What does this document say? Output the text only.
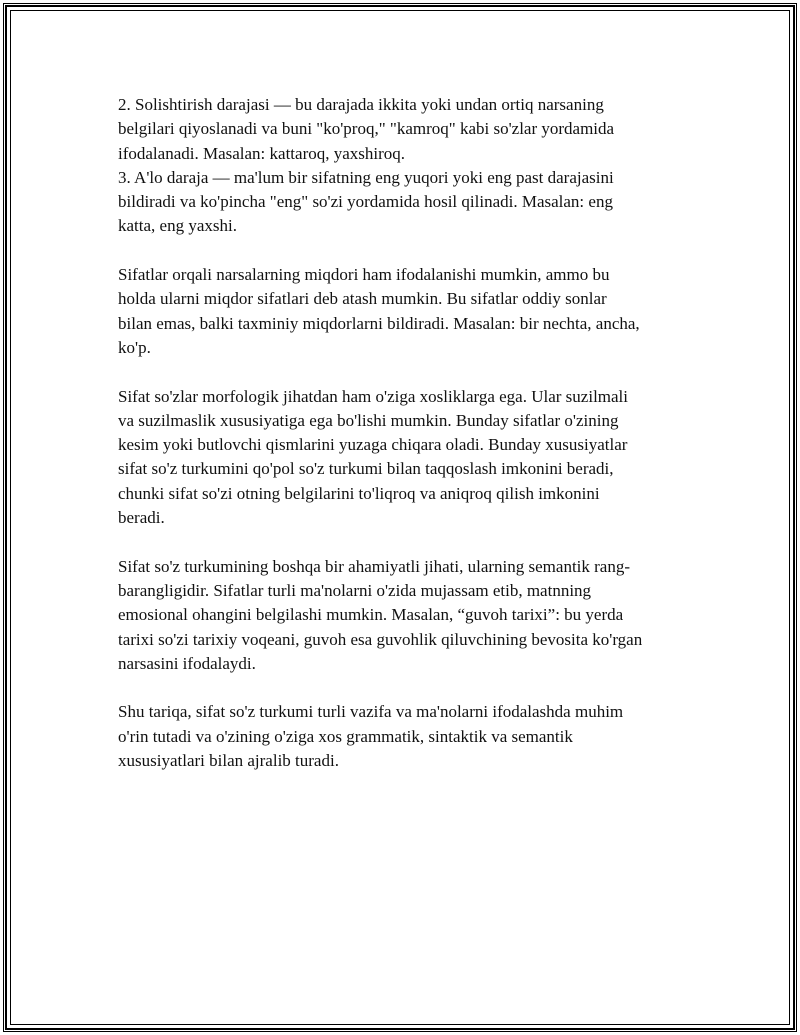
2. Solishtirish darajasi — bu darajada ikkita yoki undan ortiq narsaning
belgilari qiyoslanadi va buni "ko'proq," "kamroq" kabi so'zlar yordamida
ifodalanadi. Masalan: kattaroq, yaxshiroq.

3. A'lo daraja — ma'lum bir sifatning eng yuqori yoki eng past darajasini
bildiradi va ko'pincha "eng" so'zi yordamida hosil qilinadi. Masalan: eng
katta, eng yaxshi.

Sifatlar orqali narsalarning miqdori ham ifodalanishi mumkin, ammo bu
holda ularni miqdor sifatlari deb atash mumkin. Bu sifatlar oddiy sonlar
bilan emas, balki taxminiy miqdorlarni bildiradi. Masalan: bir nechta, ancha,
ko'p.

Sifat so'zlar morfologik jihatdan ham o'ziga xosliklarga ega. Ular suzilmali
va suzilmaslik xususiyatiga ega bo'lishi mumkin. Bunday sifatlar o'zining
kesim yoki butlovchi qismlarini yuzaga chiqara oladi. Bunday xususiyatlar
sifat so'z turkumini qo'pol so'z turkumi bilan taqqoslash imkonini beradi,
chunki sifat so'zi otning belgilarini to'liqroq va aniqroq qilish imkonini
beradi.

Sifat so'z turkumining boshqa bir ahamiyatli jihati, ularning semantik rang-
barangligidir. Sifatlar turli ma'nolarni o'zida mujassam etib, matnning
emosional ohangini belgilashi mumkin. Masalan, “guvoh tarixi”: bu yerda
tarixi so'zi tarixiy voqeani, guvoh esa guvohlik qiluvchining bevosita ko'rgan
narsasini ifodalaydi.

Shu tariqa, sifat so'z turkumi turli vazifa va ma'nolarni ifodalashda muhim
o'rin tutadi va o'zining o'ziga xos grammatik, sintaktik va semantik
xususiyatlari bilan ajralib turadi.
